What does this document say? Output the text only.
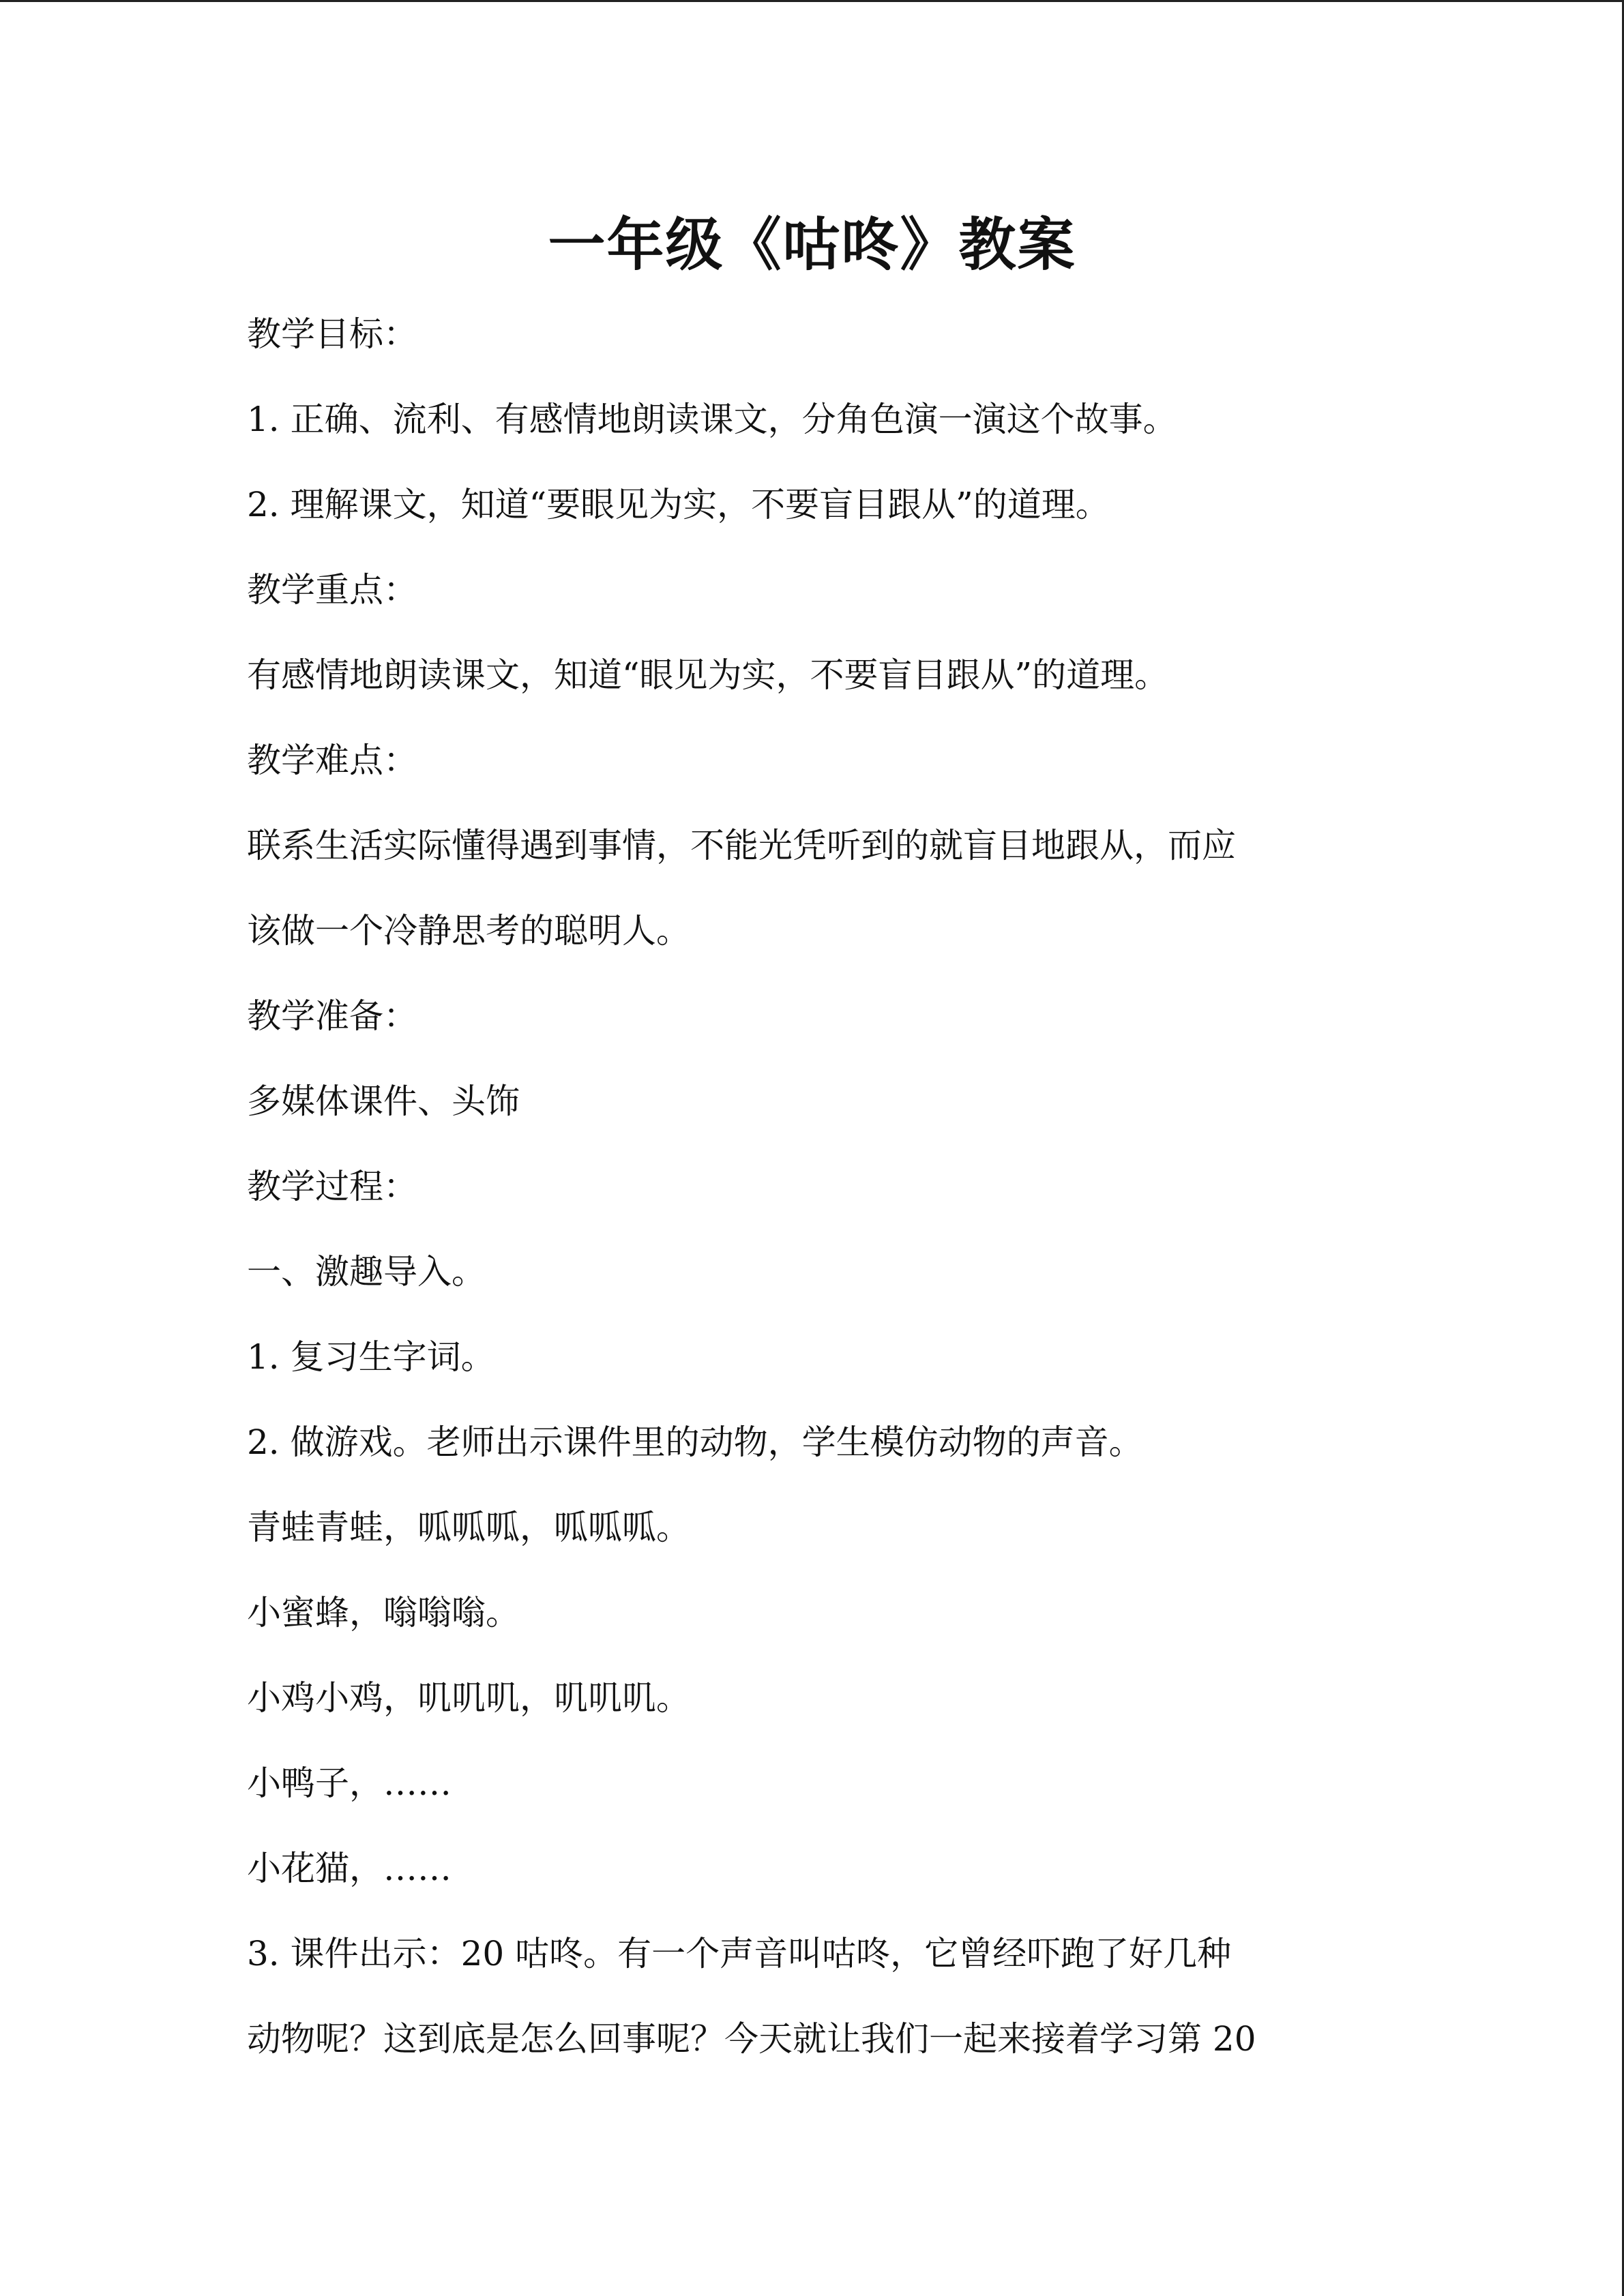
一年级《咕咚》教案
教学目标：
1. 正确、流利、有感情地朗读课文，分角色演一演这个故事。
2. 理解课文，知道“要眼见为实，不要盲目跟从”的道理。
教学重点：
有感情地朗读课文，知道“眼见为实，不要盲目跟从”的道理。
教学难点：
联系生活实际懂得遇到事情，不能光凭听到的就盲目地跟从，而应
该做一个冷静思考的聪明人。
教学准备：
多媒体课件、头饰
教学过程：
一、激趣导入。
1. 复习生字词。
2. 做游戏。老师出示课件里的动物，学生模仿动物的声音。
青蛙青蛙，呱呱呱，呱呱呱。
小蜜蜂，嗡嗡嗡。
小鸡小鸡，叽叽叽，叽叽叽。
小鸭子，……
小花猫，……
3. 课件出示：20 咕咚。有一个声音叫咕咚，它曾经吓跑了好几种
动物呢？这到底是怎么回事呢？今天就让我们一起来接着学习第 20
